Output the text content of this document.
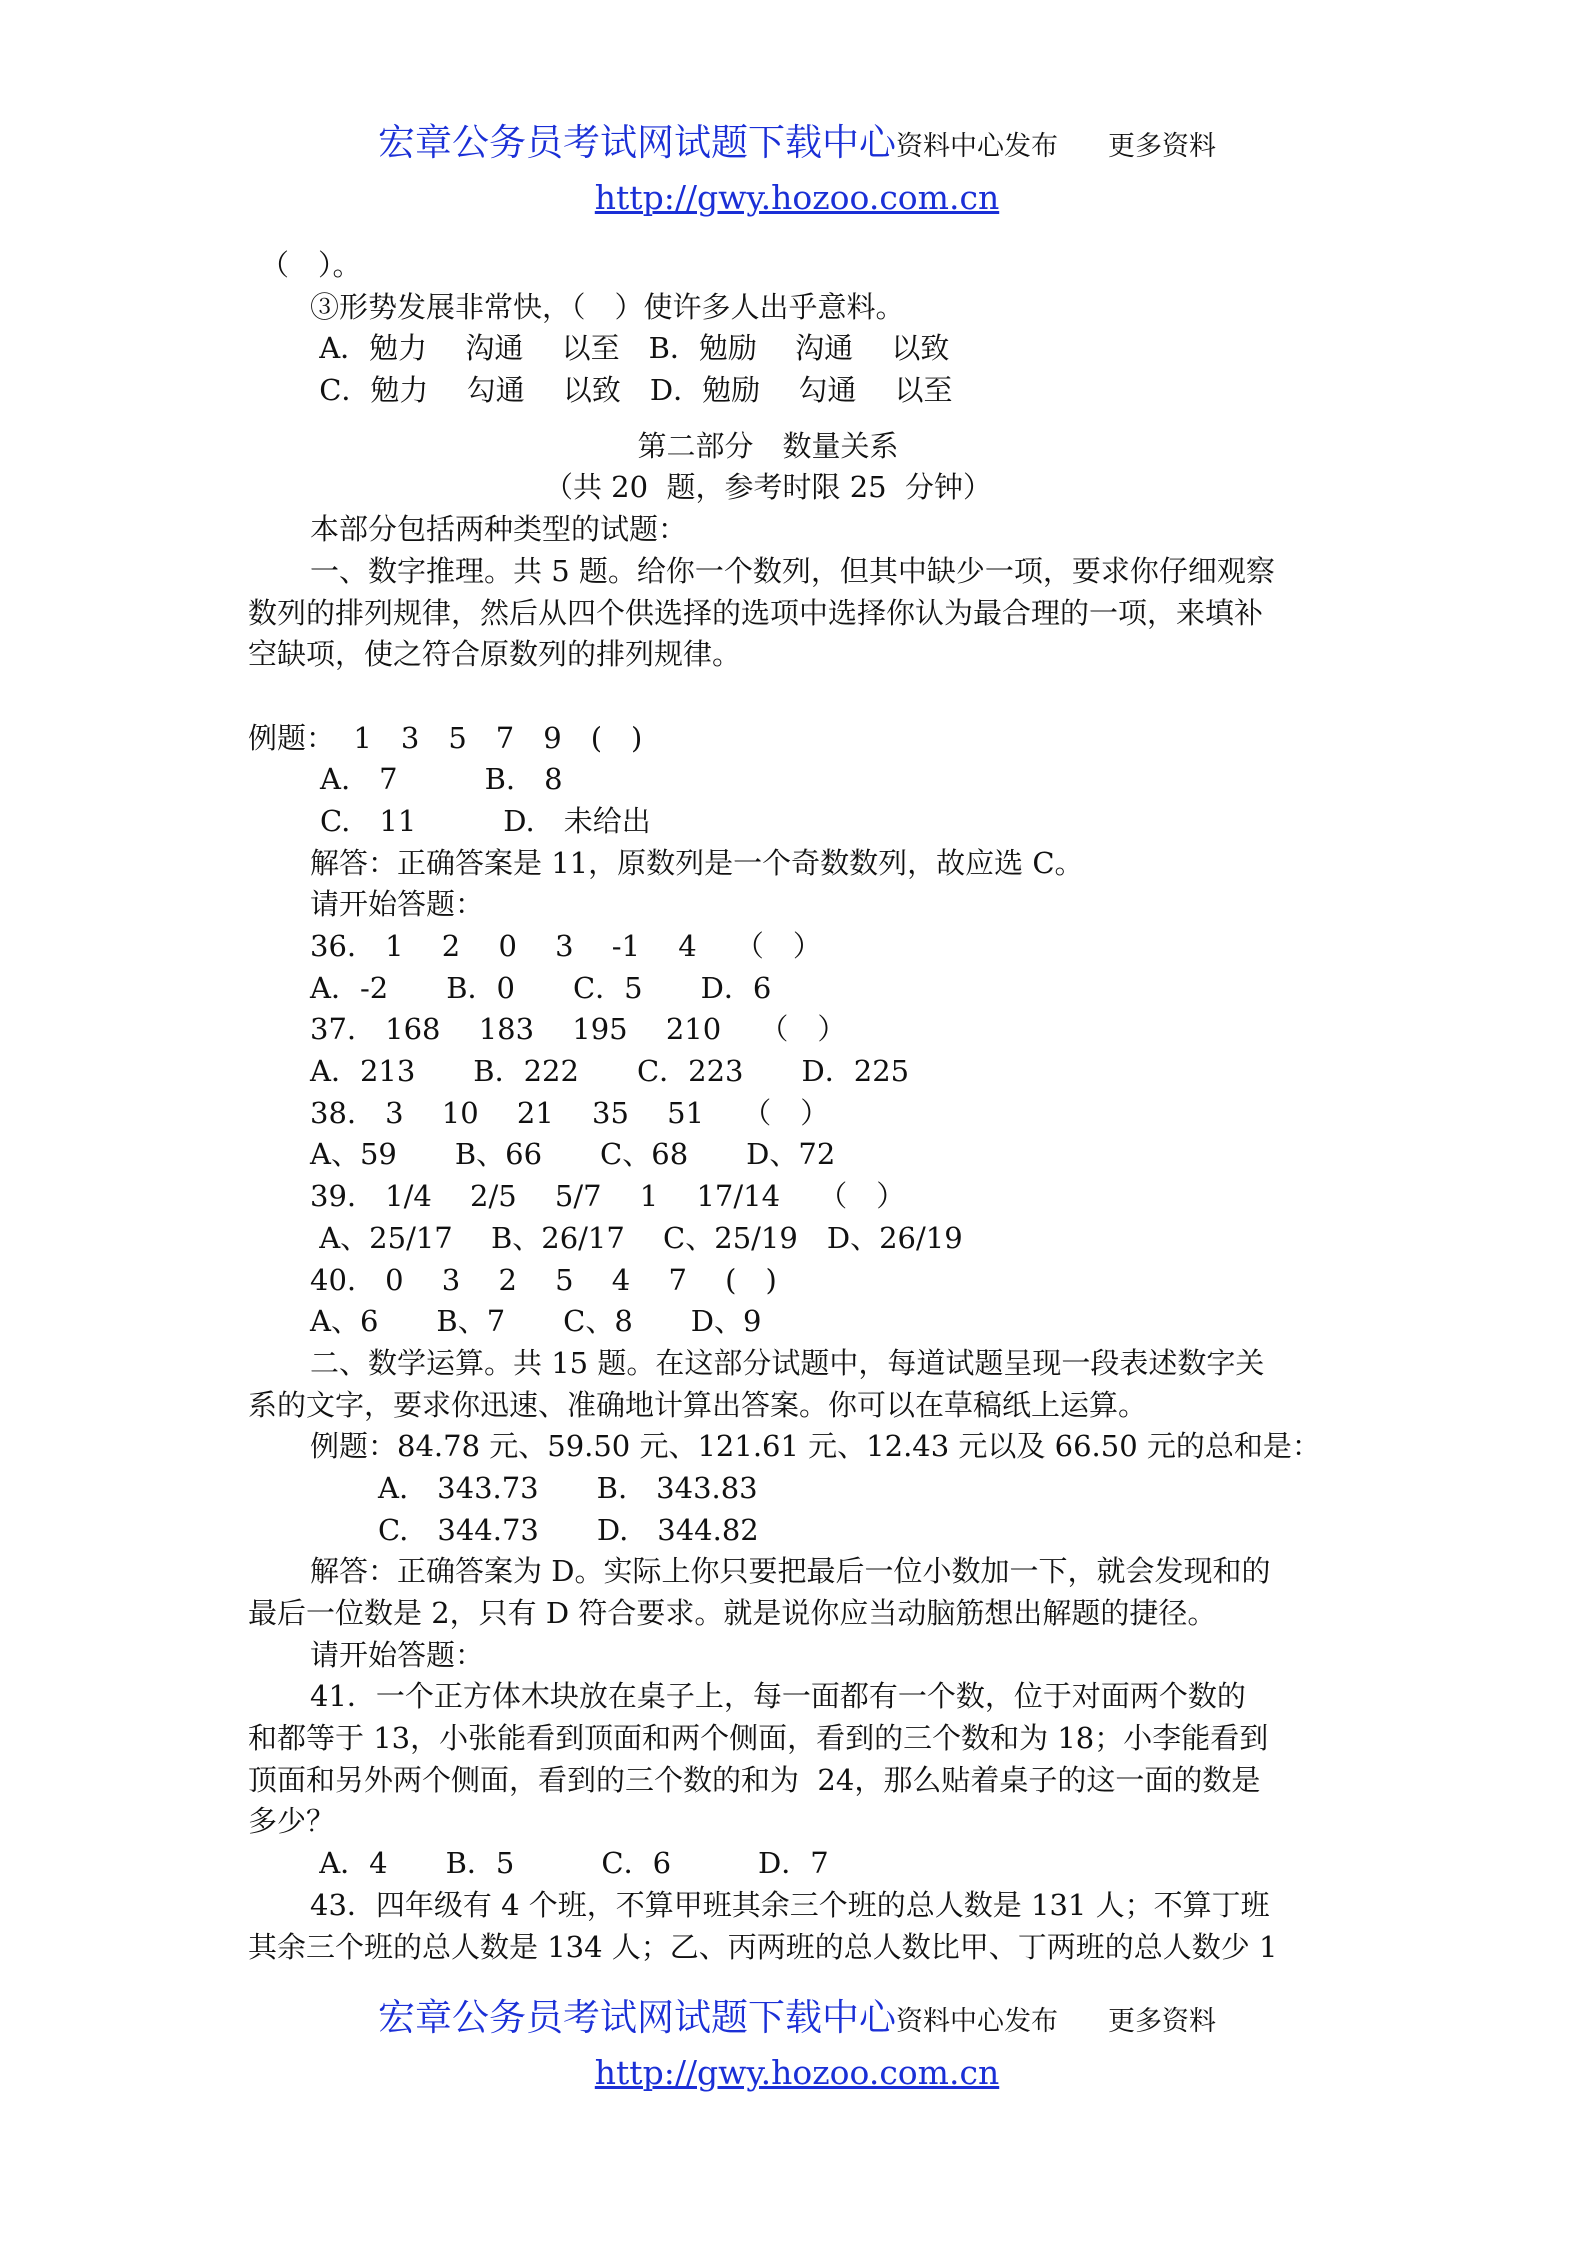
宏章公务员考试网试题下载中心资料中心发布 更多资料
http://gwy.hozoo.com.cn
（　）。
③形势发展非常快，（　）使许多人出乎意料。
A．勉力　 沟通　 以至　B．勉励　 沟通　 以致
C．勉力　 勾通　 以致　D．勉励　 勾通　 以至
第二部分　数量关系
（共 20  题，参考时限 25  分钟）
本部分包括两种类型的试题：
一、数字推理。共 5 题。给你一个数列，但其中缺少一项，要求你仔细观察
数列的排列规律，然后从四个供选择的选项中选择你认为最合理的一项，来填补
空缺项，使之符合原数列的排列规律。
例题：  1　3　5　7　9　(　)
A.　7　　　B.　8
C.　11　　　D.　未给出
解答：正确答案是 11，原数列是一个奇数数列，故应选 C。
请开始答题：
36.　1　 2　 0　 3　 -1　 4　 （　）
A．-2　　B．0　　C．5　　D．6
37.　168　 183　 195　 210　 （　）
A．213　　B．222　　C．223　　D．225
38.　3　 10　 21　 35　 51　 （　）
A、59　　B、66　　C、68　　D、72
39.　1/4　 2/5　 5/7　 1　 17/14　 （　）
A、25/17　 B、26/17　 C、25/19　D、26/19
40.　0　 3　 2　 5　 4　 7　 (　)
A、6　　B、7　　C、8　　D、9
二、数学运算。共 15 题。在这部分试题中，每道试题呈现一段表述数字关
系的文字，要求你迅速、准确地计算出答案。你可以在草稿纸上运算。
例题：84.78 元、59.50 元、121.61 元、12.43 元以及 66.50 元的总和是：
A.　343.73　　B.　343.83
C.　344.73　　D.　344.82
解答：正确答案为 D。实际上你只要把最后一位小数加一下，就会发现和的
最后一位数是 2，只有 D 符合要求。就是说你应当动脑筋想出解题的捷径。
请开始答题：
41．一个正方体木块放在桌子上，每一面都有一个数，位于对面两个数的
和都等于 13，小张能看到顶面和两个侧面，看到的三个数和为 18；小李能看到
顶面和另外两个侧面，看到的三个数的和为  24，那么贴着桌子的这一面的数是
多少？
A．4　　B．5　　　C．6　　　D．7
43．四年级有 4 个班，不算甲班其余三个班的总人数是 131 人；不算丁班
其余三个班的总人数是 134 人；乙、丙两班的总人数比甲、丁两班的总人数少 1
宏章公务员考试网试题下载中心资料中心发布 更多资料
http://gwy.hozoo.com.cn
